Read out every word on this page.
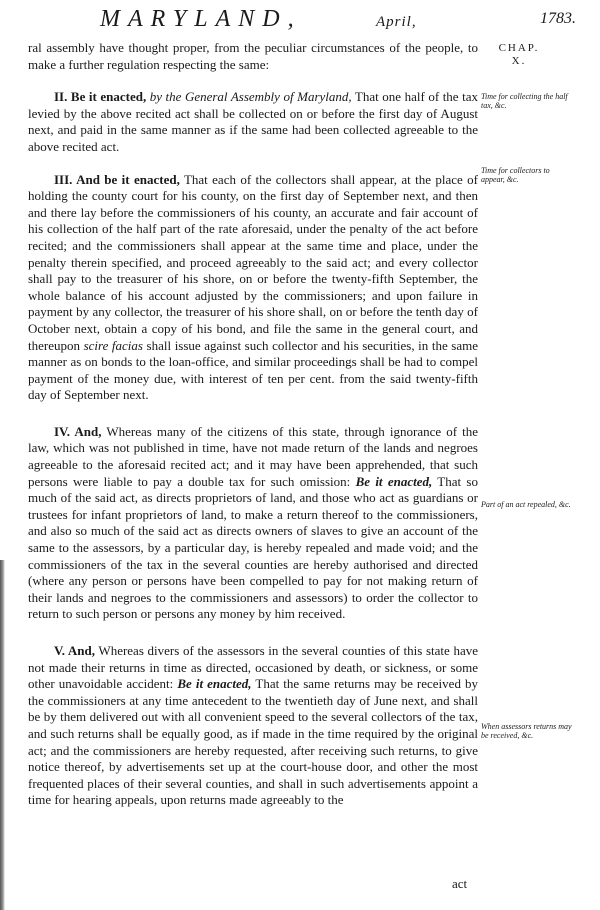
MARYLAND,	April,	1783.
CHAP.
X.
Time for collecting the half tax, &c.
Time for collectors to appear, &c.
Part of an act repealed, &c.
When assessors returns may be received, &c.

ral assembly have thought proper, from the peculiar circumstances of the people, to make a further regulation respecting the same:

II. Be it enacted, by the General Assembly of Maryland, That one half of the tax levied by the above recited act shall be collected on or before the first day of August next, and paid in the same manner as if the same had been collected agreeable to the above recited act.

III. And be it enacted, That each of the collectors shall appear, at the place of holding the county court for his county, on the first day of September next, and then and there lay before the commissioners of his county, an accurate and fair account of his collection of the half part of the rate aforesaid, under the penalty of the act before recited; and the commissioners shall appear at the same time and place, under the penalty therein specified, and proceed agreeably to the said act; and every collector shall pay to the treasurer of his shore, on or before the twenty-fifth September, the whole balance of his account adjusted by the commissioners; and upon failure in payment by any collector, the treasurer of his shore shall, on or before the tenth day of October next, obtain a copy of his bond, and file the same in the general court, and thereupon scire facias shall issue against such collector and his securities, in the same manner as on bonds to the loan-office, and similar proceedings shall be had to compel payment of the money due, with interest of ten per cent. from the said twenty-fifth day of September next.

IV. And, Whereas many of the citizens of this state, through ignorance of the law, which was not published in time, have not made return of the lands and negroes agreeable to the aforesaid recited act; and it may have been apprehended, that such persons were liable to pay a double tax for such omission: Be it enacted, That so much of the said act, as directs proprietors of land, and those who act as guardians or trustees for infant proprietors of land, to make a return thereof to the commissioners, and also so much of the said act as directs owners of slaves to give an account of the same to the assessors, by a particular day, is hereby repealed and made void; and the commissioners of the tax in the several counties are hereby authorised and directed (where any person or persons have been compelled to pay for not making return of their lands and negroes to the commissioners and assessors) to order the collector to return to such person or persons any money by him received.

V. And, Whereas divers of the assessors in the several counties of this state have not made their returns in time as directed, occasioned by death, or sickness, or some other unavoidable accident: Be it enacted, That the same returns may be received by the commissioners at any time antecedent to the twentieth day of June next, and shall be by them delivered out with all convenient speed to the several collectors of the tax, and such returns shall be equally good, as if made in the time required by the original act; and the commissioners are hereby requested, after receiving such returns, to give notice thereof, by advertisements set up at the court-house door, and other the most frequented places of their several counties, and shall in such advertisements appoint a time for hearing appeals, upon returns made agreeably to the

act
